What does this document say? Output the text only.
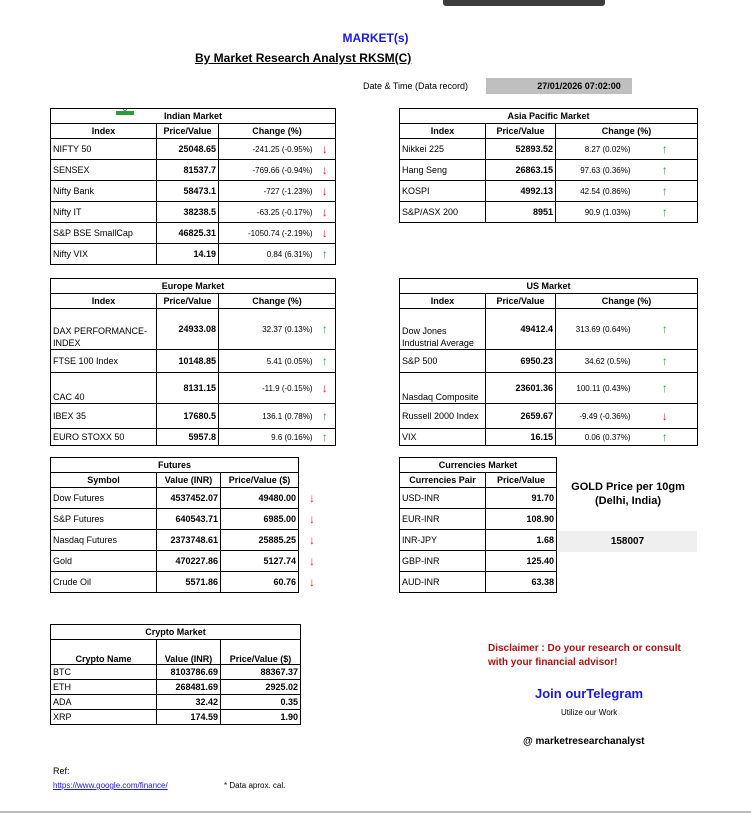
MARKET(s)
By Market Research Analyst RKSM(C)
Date & Time (Data record)	27/01/2026 07:02:00
Indian Market			
Index	Price/Value	Change (%)	
NIFTY 50	25048.65	-241.25 (-0.95%)	↓
SENSEX	81537.7	-769.66 (-0.94%)	↓
Nifty Bank	58473.1	-727 (-1.23%)	↓
Nifty IT	38238.5	-63.25 (-0.17%)	↓
S&P BSE SmallCap	46825.31	-1050.74 (-2.19%)	↓
Nifty VIX	14.19	0.84 (6.31%)	↑
Asia Pacific Market			
Index	Price/Value	Change (%)	
Nikkei 225	52893.52	8.27 (0.02%)	↑
Hang Seng	26863.15	97.63 (0.36%)	↑
KOSPI	4992.13	42.54 (0.86%)	↑
S&P/ASX 200	8951	90.9 (1.03%)	↑
Europe Market			
Index	Price/Value	Change (%)	
DAX PERFORMANCE-INDEX	24933.08	32.37 (0.13%)	↑
FTSE 100 Index	10148.85	5.41 (0.05%)	↑
CAC 40	8131.15	-11.9 (-0.15%)	↓
IBEX 35	17680.5	136.1 (0.78%)	↑
EURO STOXX 50	5957.8	9.6 (0.16%)	↑
US Market			
Index	Price/Value	Change (%)	
Dow Jones Industrial Average	49412.4	313.69 (0.64%)	↑
S&P 500	6950.23	34.62 (0.5%)	↑
Nasdaq Composite	23601.36	100.11 (0.43%)	↑
Russell 2000 Index	2659.67	-9.49 (-0.36%)	↓
VIX	16.15	0.06 (0.37%)	↑
Futures			
Symbol	Value (INR)	Price/Value ($)	
Dow Futures	4537452.07	49480.00	↓
S&P Futures	640543.71	6985.00	↓
Nasdaq Futures	2373748.61	25885.25	↓
Gold	470227.86	5127.74	↓
Crude Oil	5571.86	60.76	↓
Currencies Market	
Currencies Pair	Price/Value
USD-INR	91.70
EUR-INR	108.90
INR-JPY	1.68
GBP-INR	125.40
AUD-INR	63.38
GOLD Price per 10gm (Delhi, India)
158007
Crypto Market		
Crypto Name	Value (INR)	Price/Value ($)
BTC	8103786.69	88367.37
ETH	268481.69	2925.02
ADA	32.42	0.35
XRP	174.59	1.90
Disclaimer : Do your research or consult with your financial advisor!
Join ourTelegram
Utilize our Work
@ marketresearchanalyst
Ref:
https://www.google.com/finance/	* Data aprox. cal.
